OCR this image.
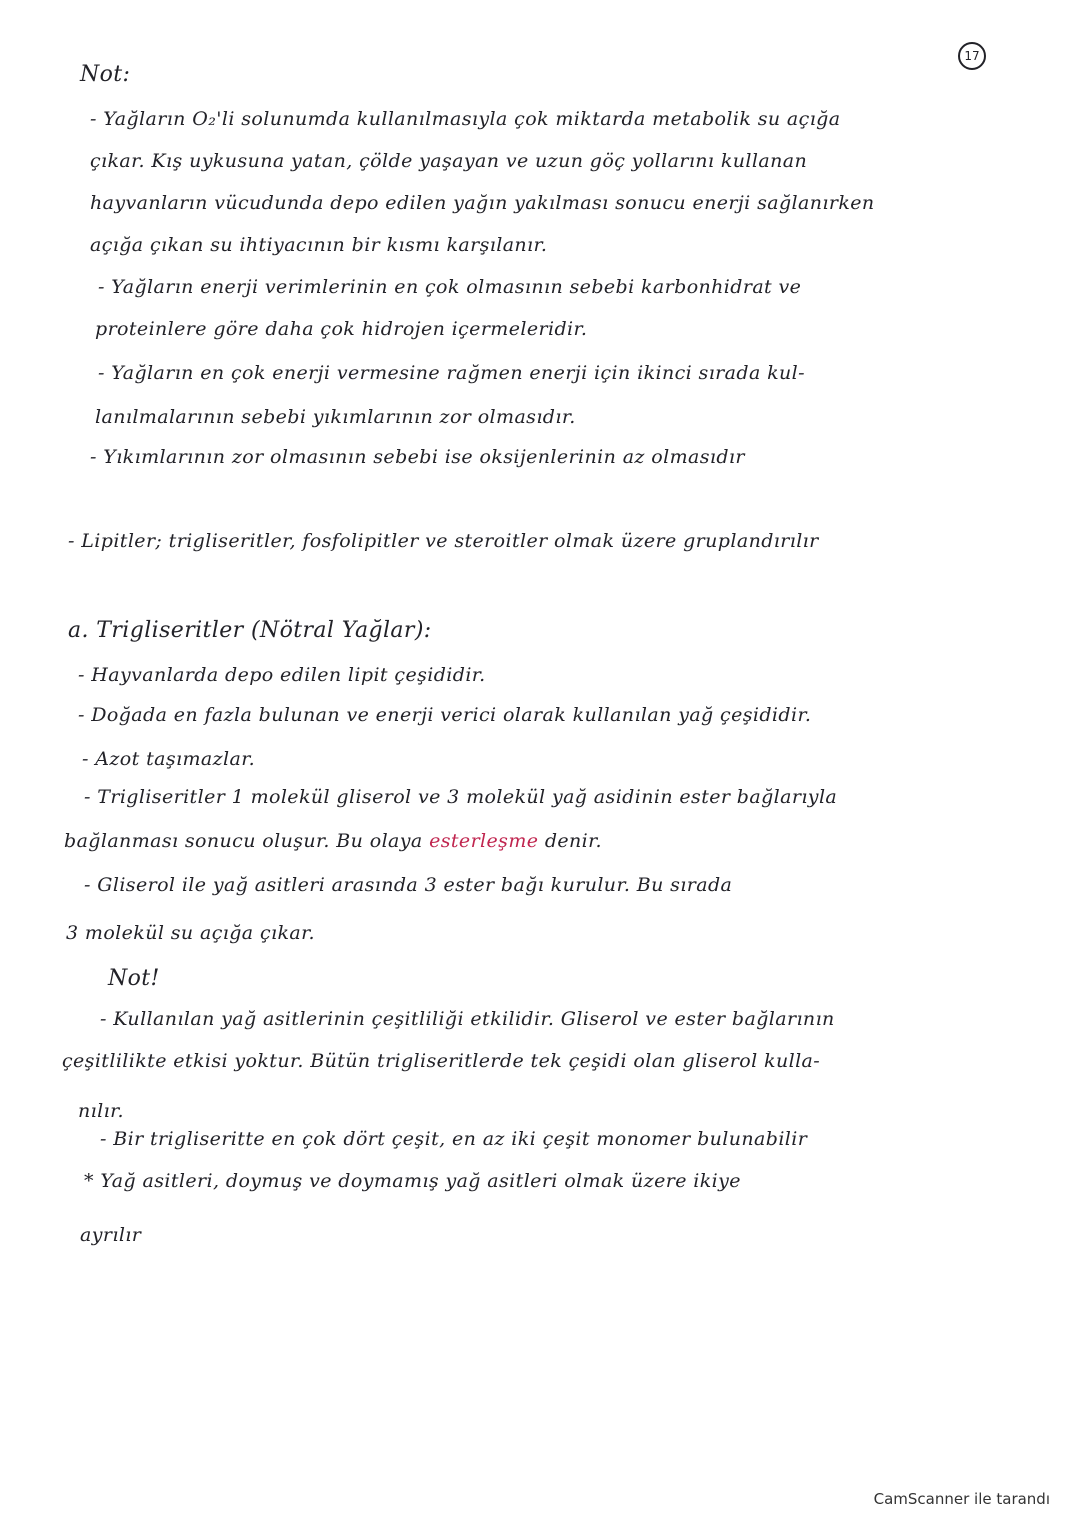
17
Not:
- Yağların O₂'li solunumda kullanılmasıyla çok miktarda metabolik su açığa
çıkar. Kış uykusuna yatan, çölde yaşayan ve uzun göç yollarını kullanan
hayvanların vücudunda depo edilen yağın yakılması sonucu enerji sağlanırken
açığa çıkan su ihtiyacının bir kısmı karşılanır.
- Yağların enerji verimlerinin en çok olmasının sebebi karbonhidrat ve
proteinlere göre daha çok hidrojen içermeleridir.
- Yağların en çok enerji vermesine rağmen enerji için ikinci sırada kul-
lanılmalarının sebebi yıkımlarının zor olmasıdır.
- Yıkımlarının zor olmasının sebebi ise oksijenlerinin az olmasıdır
- Lipitler; trigliseritler, fosfolipitler ve steroitler olmak üzere gruplandırılır
a. Trigliseritler (Nötral Yağlar):
- Hayvanlarda depo edilen lipit çeşididir.
- Doğada en fazla bulunan ve enerji verici olarak kullanılan yağ çeşididir.
- Azot taşımazlar.
- Trigliseritler 1 molekül gliserol ve 3 molekül yağ asidinin ester bağlarıyla
bağlanması sonucu oluşur. Bu olaya esterleşme denir.
- Gliserol ile yağ asitleri arasında 3 ester bağı kurulur. Bu sırada
3 molekül su açığa çıkar.
Not!
- Kullanılan yağ asitlerinin çeşitliliği etkilidir. Gliserol ve ester bağlarının
çeşitlilikte etkisi yoktur. Bütün trigliseritlerde tek çeşidi olan gliserol kulla-
nılır.
- Bir trigliseritte en çok dört çeşit, en az iki çeşit monomer bulunabilir
* Yağ asitleri, doymuş ve doymamış yağ asitleri olmak üzere ikiye
ayrılır
CamScanner ile tarandı
